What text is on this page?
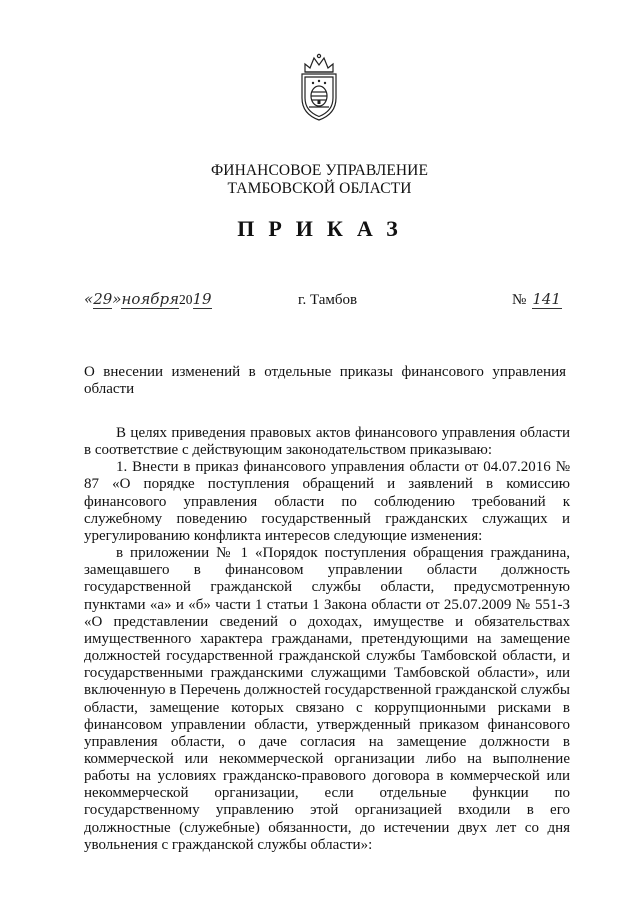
ФИНАНСОВОЕ УПРАВЛЕНИЕ
ТАМБОВСКОЙ ОБЛАСТИ
ПРИКАЗ
«29»ноября2019	г. Тамбов	№ 141
О внесении изменений в отдельные приказы финансового управления области

В целях приведения правовых актов финансового управления области в соответствие с действующим законодательством приказываю:

1. Внести в приказ финансового управления области от 04.07.2016 № 87 «О порядке поступления обращений и заявлений в комиссию финансового управления области по соблюдению требований к служебному поведению государственный гражданских служащих и урегулированию конфликта интересов следующие изменения:

в приложении № 1 «Порядок поступления обращения гражданина, замещавшего в финансовом управлении области должность государственной гражданской службы области, предусмотренную пунктами «а» и «б» части 1 статьи 1 Закона области от 25.07.2009 № 551-З «О представлении сведений о доходах, имуществе и обязательствах имущественного характера гражданами, претендующими на замещение должностей государственной гражданской службы Тамбовской области, и государственными гражданскими служащими Тамбовской области», или включенную в Перечень должностей государственной гражданской службы области, замещение которых связано с коррупционными рисками в финансовом управлении области, утвержденный приказом финансового управления области, о даче согласия на замещение должности в коммерческой или некоммерческой организации либо на выполнение работы на условиях гражданско-правового договора в коммерческой или некоммерческой организации, если отдельные функции по государственному управлению этой организацией входили в его должностные (служебные) обязанности, до истечении двух лет со дня увольнения с гражданской службы области»:
